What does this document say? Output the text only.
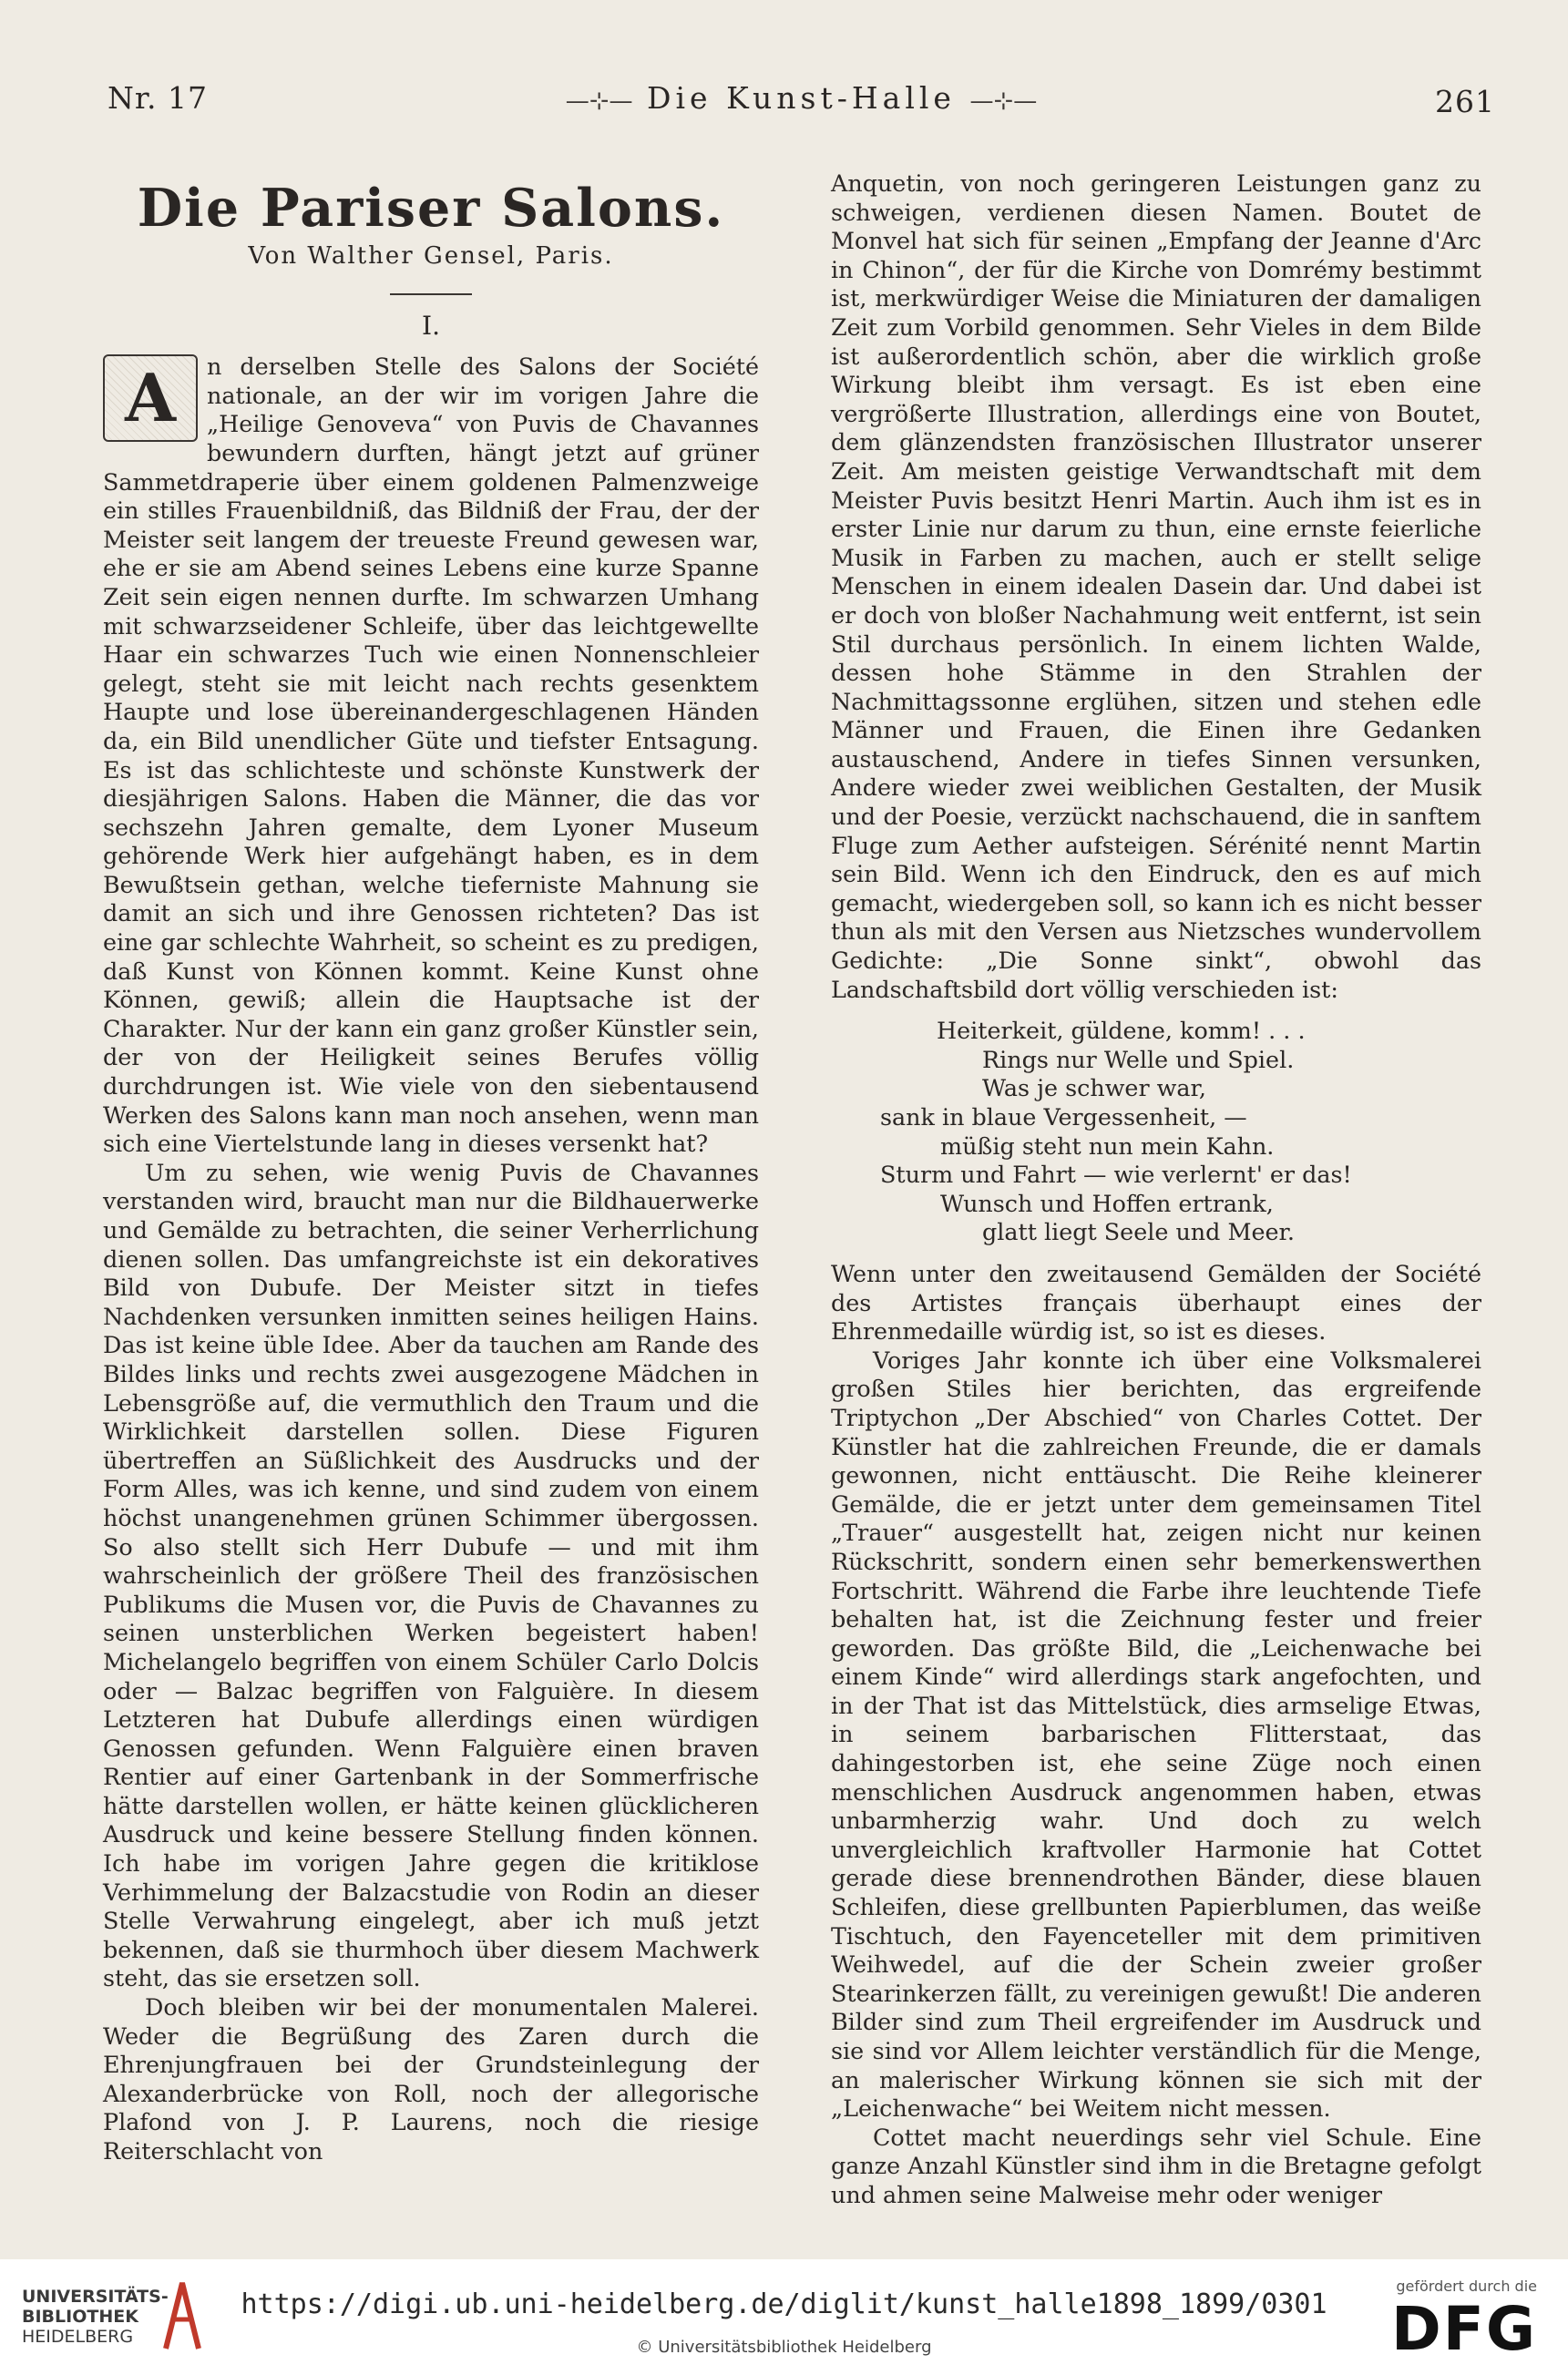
Nr. 17	—⊹— Die Kunst-Halle —⊹—	261
Die Pariser Salons.
Von Walther Gensel, Paris.
I.

A	n derselben Stelle des Salons der Société nationale, an der wir im vorigen Jahre die „Heilige Genoveva“ von Puvis de Chavannes bewundern durften, hängt jetzt auf grüner Sammetdraperie über einem goldenen Palmenzweige ein stilles Frauenbildniß, das Bildniß der Frau, der der Meister seit langem der treueste Freund gewesen war, ehe er sie am Abend seines Lebens eine kurze Spanne Zeit sein eigen nennen durfte. Im schwarzen Umhang mit schwarzseidener Schleife, über das leichtgewellte Haar ein schwarzes Tuch wie einen Nonnenschleier gelegt, steht sie mit leicht nach rechts gesenktem Haupte und lose übereinandergeschlagenen Händen da, ein Bild unendlicher Güte und tiefster Entsagung. Es ist das schlichteste und schönste Kunstwerk der diesjährigen Salons. Haben die Männer, die das vor sechszehn Jahren gemalte, dem Lyoner Museum gehörende Werk hier aufgehängt haben, es in dem Bewußtsein gethan, welche tieferniste Mahnung sie damit an sich und ihre Genossen richteten? Das ist eine gar schlechte Wahrheit, so scheint es zu predigen, daß Kunst von Können kommt. Keine Kunst ohne Können, gewiß; allein die Hauptsache ist der Charakter. Nur der kann ein ganz großer Künstler sein, der von der Heiligkeit seines Berufes völlig durchdrungen ist. Wie viele von den siebentausend Werken des Salons kann man noch ansehen, wenn man sich eine Viertelstunde lang in dieses versenkt hat?

Um zu sehen, wie wenig Puvis de Chavannes verstanden wird, braucht man nur die Bildhauerwerke und Gemälde zu betrachten, die seiner Verherrlichung dienen sollen. Das umfangreichste ist ein dekoratives Bild von Dubufe. Der Meister sitzt in tiefes Nachdenken versunken inmitten seines heiligen Hains. Das ist keine üble Idee. Aber da tauchen am Rande des Bildes links und rechts zwei ausgezogene Mädchen in Lebensgröße auf, die vermuthlich den Traum und die Wirklichkeit darstellen sollen. Diese Figuren übertreffen an Süßlichkeit des Ausdrucks und der Form Alles, was ich kenne, und sind zudem von einem höchst unangenehmen grünen Schimmer übergossen. So also stellt sich Herr Dubufe — und mit ihm wahrscheinlich der größere Theil des französischen Publikums die Musen vor, die Puvis de Chavannes zu seinen unsterblichen Werken begeistert haben! Michelangelo begriffen von einem Schüler Carlo Dolcis oder — Balzac begriffen von Falguière. In diesem Letzteren hat Dubufe allerdings einen würdigen Genossen gefunden. Wenn Falguière einen braven Rentier auf einer Gartenbank in der Sommerfrische hätte darstellen wollen, er hätte keinen glücklicheren Ausdruck und keine bessere Stellung finden können. Ich habe im vorigen Jahre gegen die kritiklose Verhimmelung der Balzacstudie von Rodin an dieser Stelle Verwahrung eingelegt, aber ich muß jetzt bekennen, daß sie thurmhoch über diesem Machwerk steht, das sie ersetzen soll.

Doch bleiben wir bei der monumentalen Malerei. Weder die Begrüßung des Zaren durch die Ehrenjungfrauen bei der Grundsteinlegung der Alexanderbrücke von Roll, noch der allegorische Plafond von J. P. Laurens, noch die riesige Reiterschlacht von

Anquetin, von noch geringeren Leistungen ganz zu schweigen, verdienen diesen Namen. Boutet de Monvel hat sich für seinen „Empfang der Jeanne d'Arc in Chinon“, der für die Kirche von Domrémy bestimmt ist, merkwürdiger Weise die Miniaturen der damaligen Zeit zum Vorbild genommen. Sehr Vieles in dem Bilde ist außerordentlich schön, aber die wirklich große Wirkung bleibt ihm versagt. Es ist eben eine vergrößerte Illustration, allerdings eine von Boutet, dem glänzendsten französischen Illustrator unserer Zeit. Am meisten geistige Verwandtschaft mit dem Meister Puvis besitzt Henri Martin. Auch ihm ist es in erster Linie nur darum zu thun, eine ernste feierliche Musik in Farben zu machen, auch er stellt selige Menschen in einem idealen Dasein dar. Und dabei ist er doch von bloßer Nachahmung weit entfernt, ist sein Stil durchaus persönlich. In einem lichten Walde, dessen hohe Stämme in den Strahlen der Nachmittagssonne erglühen, sitzen und stehen edle Männer und Frauen, die Einen ihre Gedanken austauschend, Andere in tiefes Sinnen versunken, Andere wieder zwei weiblichen Gestalten, der Musik und der Poesie, verzückt nachschauend, die in sanftem Fluge zum Aether aufsteigen. Sérénité nennt Martin sein Bild. Wenn ich den Eindruck, den es auf mich gemacht, wiedergeben soll, so kann ich es nicht besser thun als mit den Versen aus Nietzsches wundervollem Gedichte: „Die Sonne sinkt“, obwohl das Landschaftsbild dort völlig verschieden ist:

Heiterkeit, güldene, komm! . . .
Rings nur Welle und Spiel.
Was je schwer war,
sank in blaue Vergessenheit, —
müßig steht nun mein Kahn.
Sturm und Fahrt — wie verlernt' er das!
Wunsch und Hoffen ertrank,
glatt liegt Seele und Meer.

Wenn unter den zweitausend Gemälden der Société des Artistes français überhaupt eines der Ehrenmedaille würdig ist, so ist es dieses.

Voriges Jahr konnte ich über eine Volksmalerei großen Stiles hier berichten, das ergreifende Triptychon „Der Abschied“ von Charles Cottet. Der Künstler hat die zahlreichen Freunde, die er damals gewonnen, nicht enttäuscht. Die Reihe kleinerer Gemälde, die er jetzt unter dem gemeinsamen Titel „Trauer“ ausgestellt hat, zeigen nicht nur keinen Rückschritt, sondern einen sehr bemerkenswerthen Fortschritt. Während die Farbe ihre leuchtende Tiefe behalten hat, ist die Zeichnung fester und freier geworden. Das größte Bild, die „Leichenwache bei einem Kinde“ wird allerdings stark angefochten, und in der That ist das Mittelstück, dies armselige Etwas, in seinem barbarischen Flitterstaat, das dahingestorben ist, ehe seine Züge noch einen menschlichen Ausdruck angenommen haben, etwas unbarmherzig wahr. Und doch zu welch unvergleichlich kraftvoller Harmonie hat Cottet gerade diese brennendrothen Bänder, diese blauen Schleifen, diese grellbunten Papierblumen, das weiße Tischtuch, den Fayenceteller mit dem primitiven Weihwedel, auf die der Schein zweier großer Stearinkerzen fällt, zu vereinigen gewußt! Die anderen Bilder sind zum Theil ergreifender im Ausdruck und sie sind vor Allem leichter verständlich für die Menge, an malerischer Wirkung können sie sich mit der „Leichenwache“ bei Weitem nicht messen.

Cottet macht neuerdings sehr viel Schule. Eine ganze Anzahl Künstler sind ihm in die Bretagne gefolgt und ahmen seine Malweise mehr oder weniger

UNIVERSITÄTS-
BIBLIOTHEK
HEIDELBERG
https://digi.ub.uni-heidelberg.de/diglit/kunst_halle1898_1899/0301
© Universitätsbibliothek Heidelberg
gefördert durch die
DFG
